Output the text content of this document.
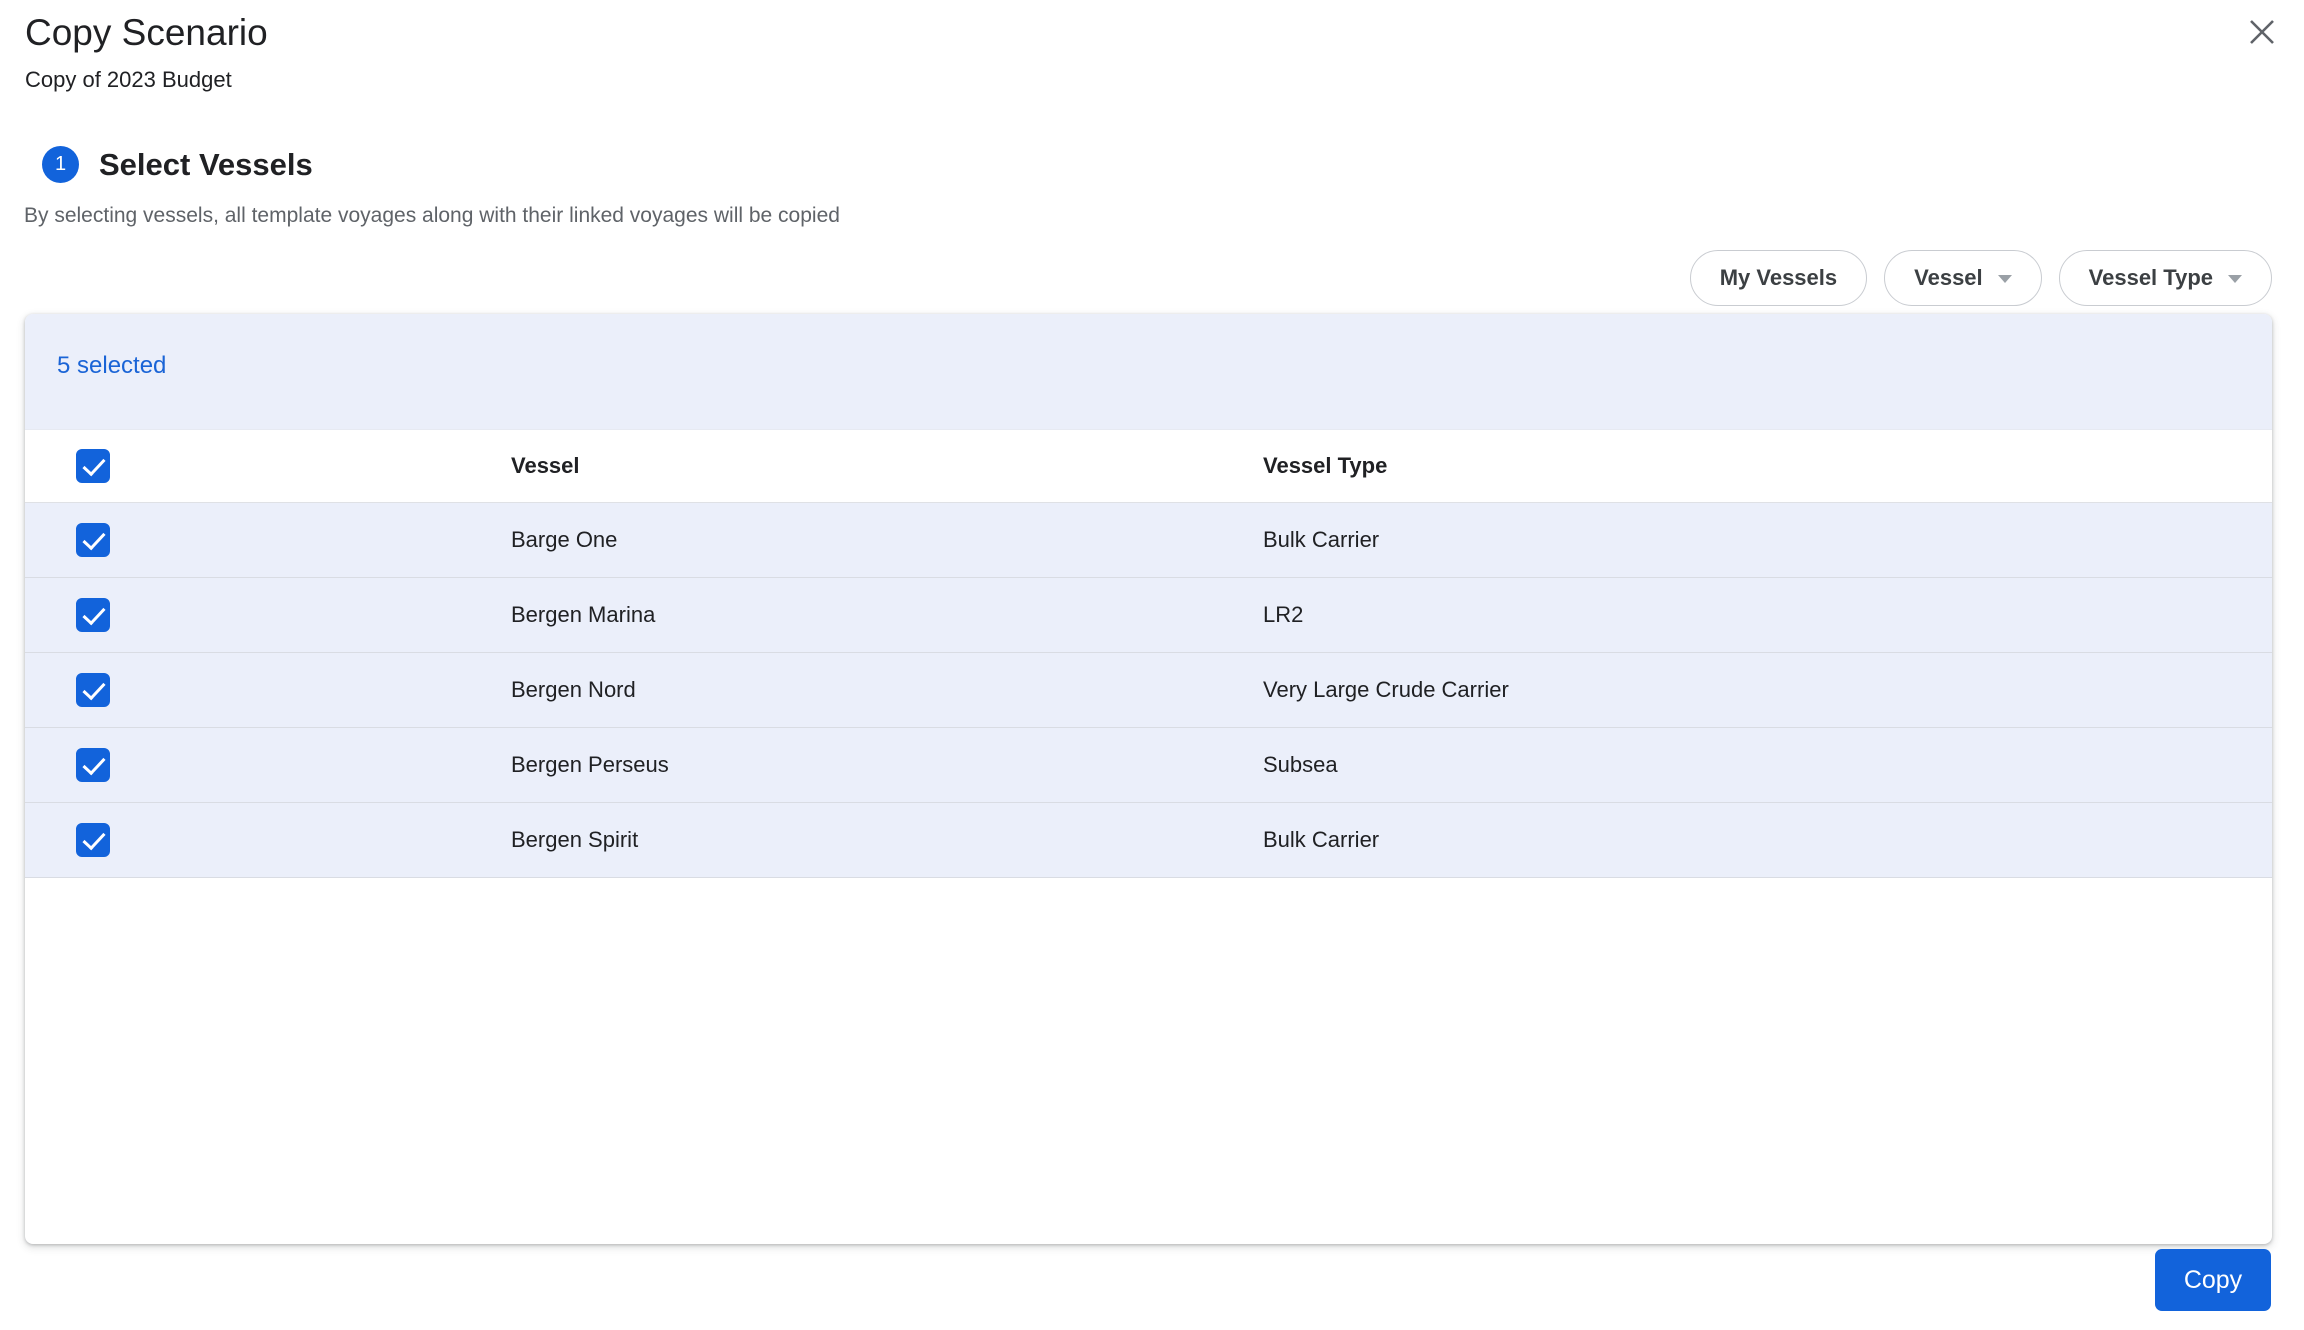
Copy Scenario
Copy of 2023 Budget
1	Select Vessels
By selecting vessels, all template voyages along with their linked voyages will be copied
My Vessels	Vessel	Vessel Type
5 selected
Vessel	Vessel Type
Barge One	Bulk Carrier
Bergen Marina	LR2
Bergen Nord	Very Large Crude Carrier
Bergen Perseus	Subsea
Bergen Spirit	Bulk Carrier
Copy
